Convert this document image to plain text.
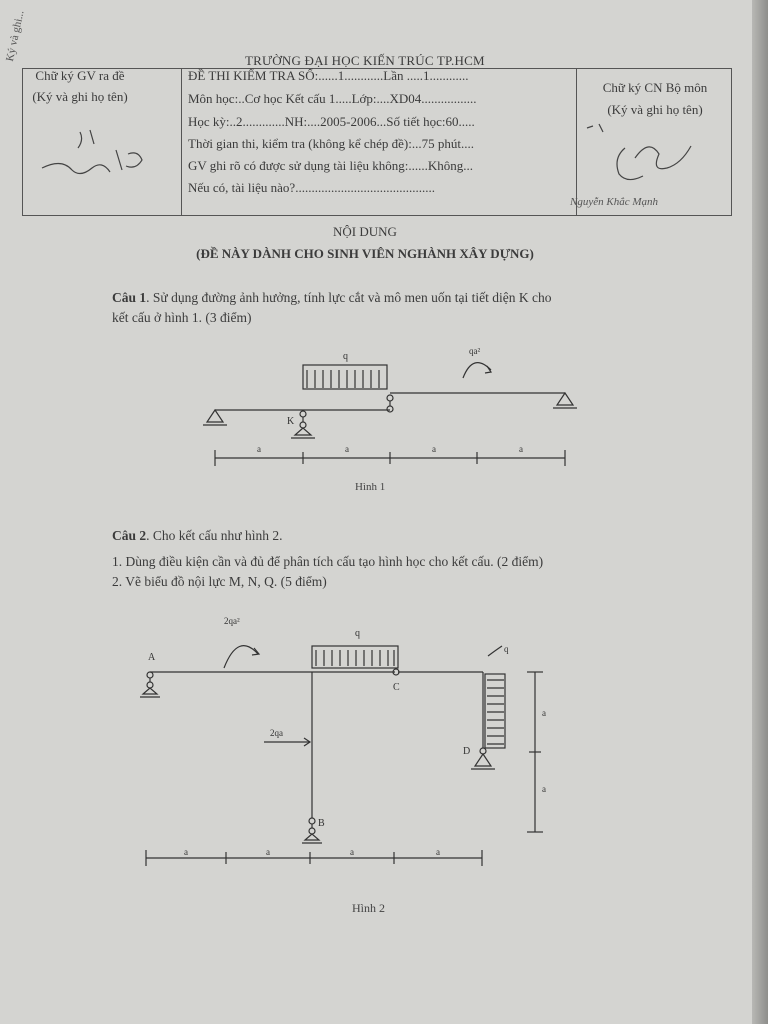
Ký và ghi...	TRƯỜNG ĐẠI HỌC KIẾN TRÚC TP.HCM
Chữ ký GV ra đề
(Ký và ghi họ tên)
ĐỀ THI KIỂM TRA SỐ:......1............Lần .....1............
Môn học:..Cơ học Kết cấu 1.....Lớp:....XD04.................
Học kỳ:..2.............NH:....2005-2006...Số tiết học:60.....
Thời gian thi, kiểm tra (không kể chép đề):...75 phút....
GV ghi rõ có được sử dụng tài liệu không:......Không...
Nếu có, tài liệu nào?...........................................
Chữ ký CN Bộ môn
(Ký và ghi họ tên)
Nguyễn Khắc Mạnh
NỘI DUNG
(ĐỀ NÀY DÀNH CHO SINH VIÊN NGHÀNH XÂY DỰNG)
Câu 1. Sử dụng đường ảnh hưởng, tính lực cắt và mô men uốn tại tiết diện K cho
kết cấu ở hình 1. (3 điểm)
q	qa²
K
a	a	a	a
Hình 1
Câu 2. Cho kết cấu như hình 2.
1. Dùng điều kiện cần và đủ để phân tích cấu tạo hình học cho kết cấu. (2 điểm)
2. Vẽ biểu đồ nội lực M, N, Q. (5 điểm)
2qa²
q
q
2qa
A
B
C
D
a
a
a	a	a	a
Hình 2
